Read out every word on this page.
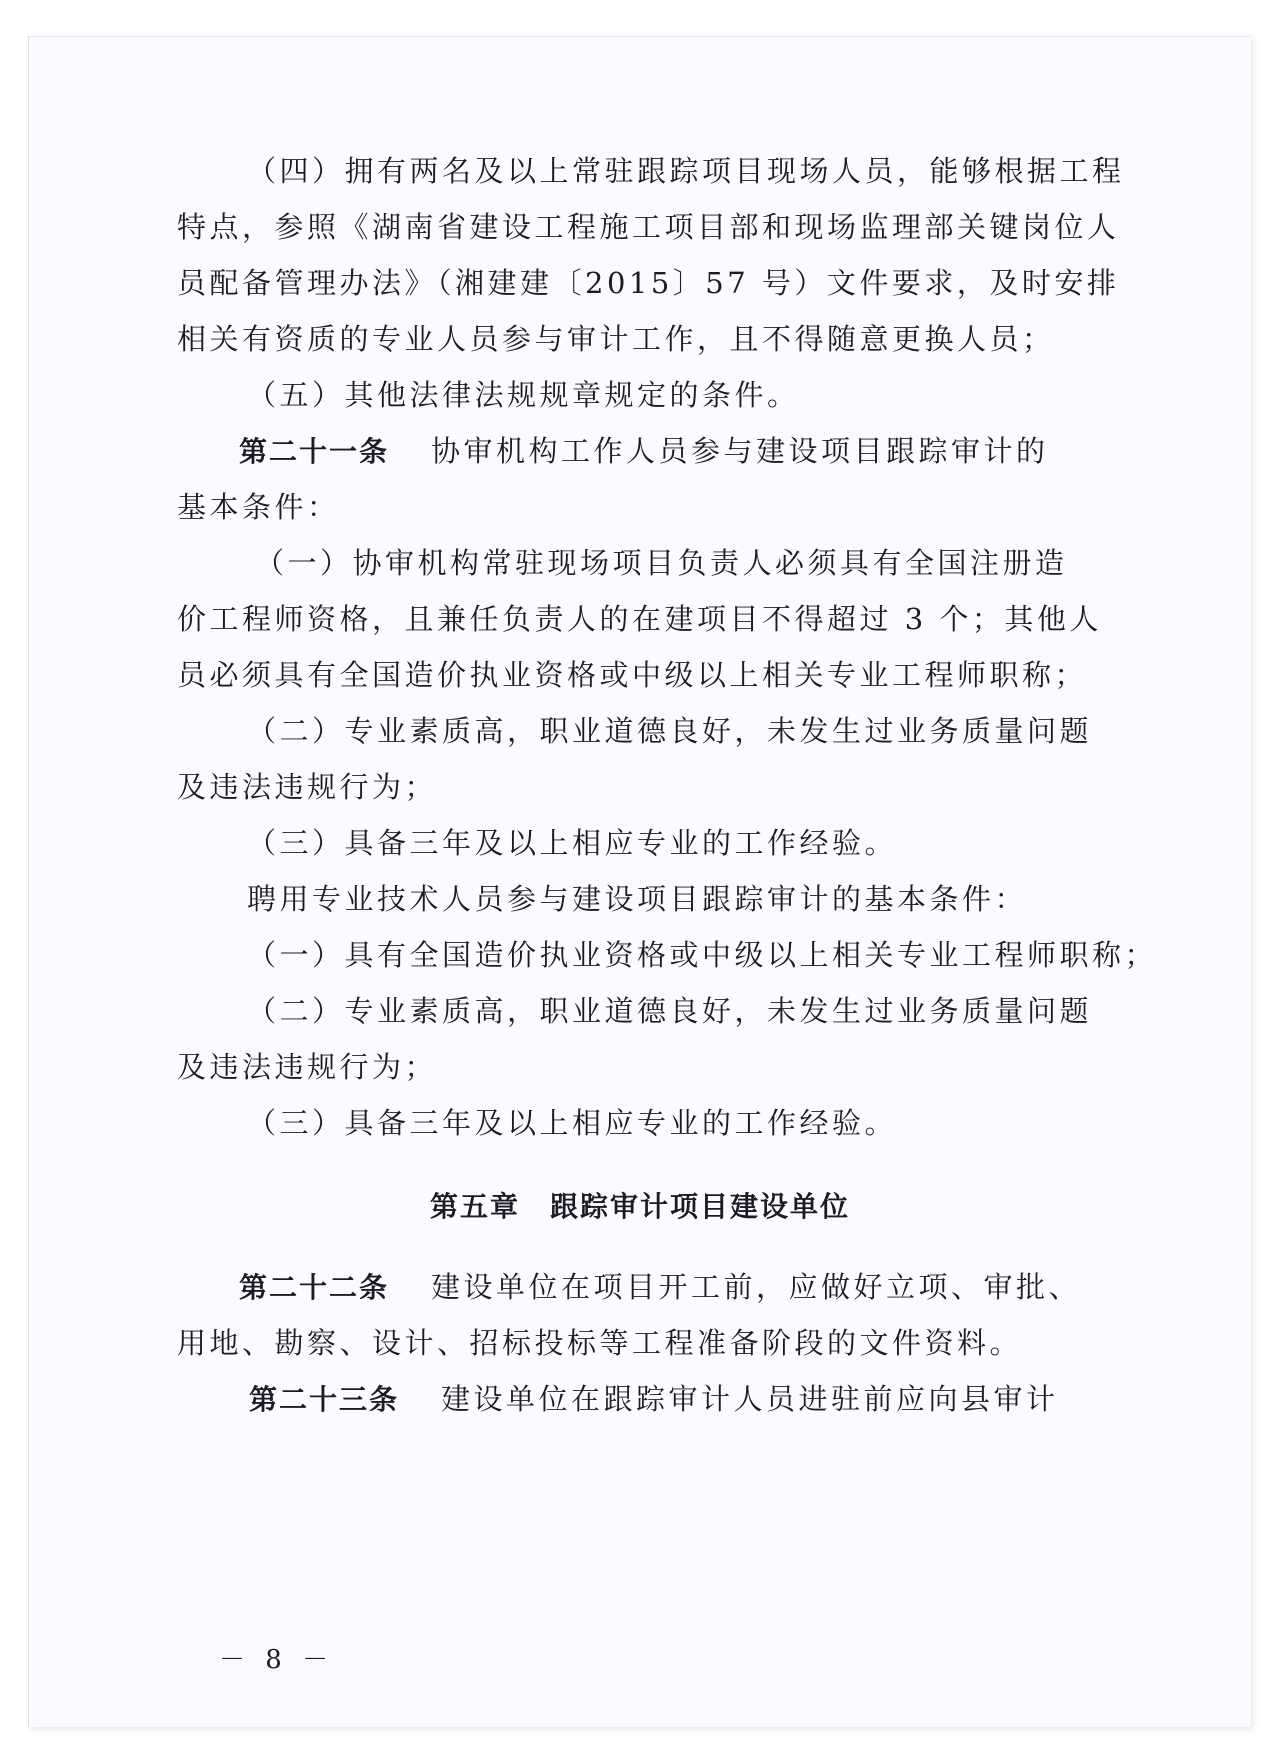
（四）拥有两名及以上常驻跟踪项目现场人员，能够根据工程
特点，参照《湖南省建设工程施工项目部和现场监理部关键岗位人
员配备管理办法》（湘建建〔2015〕57 号）文件要求，及时安排
相关有资质的专业人员参与审计工作，且不得随意更换人员；
（五）其他法律法规规章规定的条件。
第二十一条 协审机构工作人员参与建设项目跟踪审计的
基本条件：
（一）协审机构常驻现场项目负责人必须具有全国注册造
价工程师资格，且兼任负责人的在建项目不得超过 3 个；其他人
员必须具有全国造价执业资格或中级以上相关专业工程师职称；
（二）专业素质高，职业道德良好，未发生过业务质量问题
及违法违规行为；
（三）具备三年及以上相应专业的工作经验。
聘用专业技术人员参与建设项目跟踪审计的基本条件：
（一）具有全国造价执业资格或中级以上相关专业工程师职称；
（二）专业素质高，职业道德良好，未发生过业务质量问题
及违法违规行为；
（三）具备三年及以上相应专业的工作经验。
第五章　跟踪审计项目建设单位
第二十二条 建设单位在项目开工前，应做好立项、审批、
用地、勘察、设计、招标投标等工程准备阶段的文件资料。
第二十三条 建设单位在跟踪审计人员进驻前应向县审计
－ 8 －
